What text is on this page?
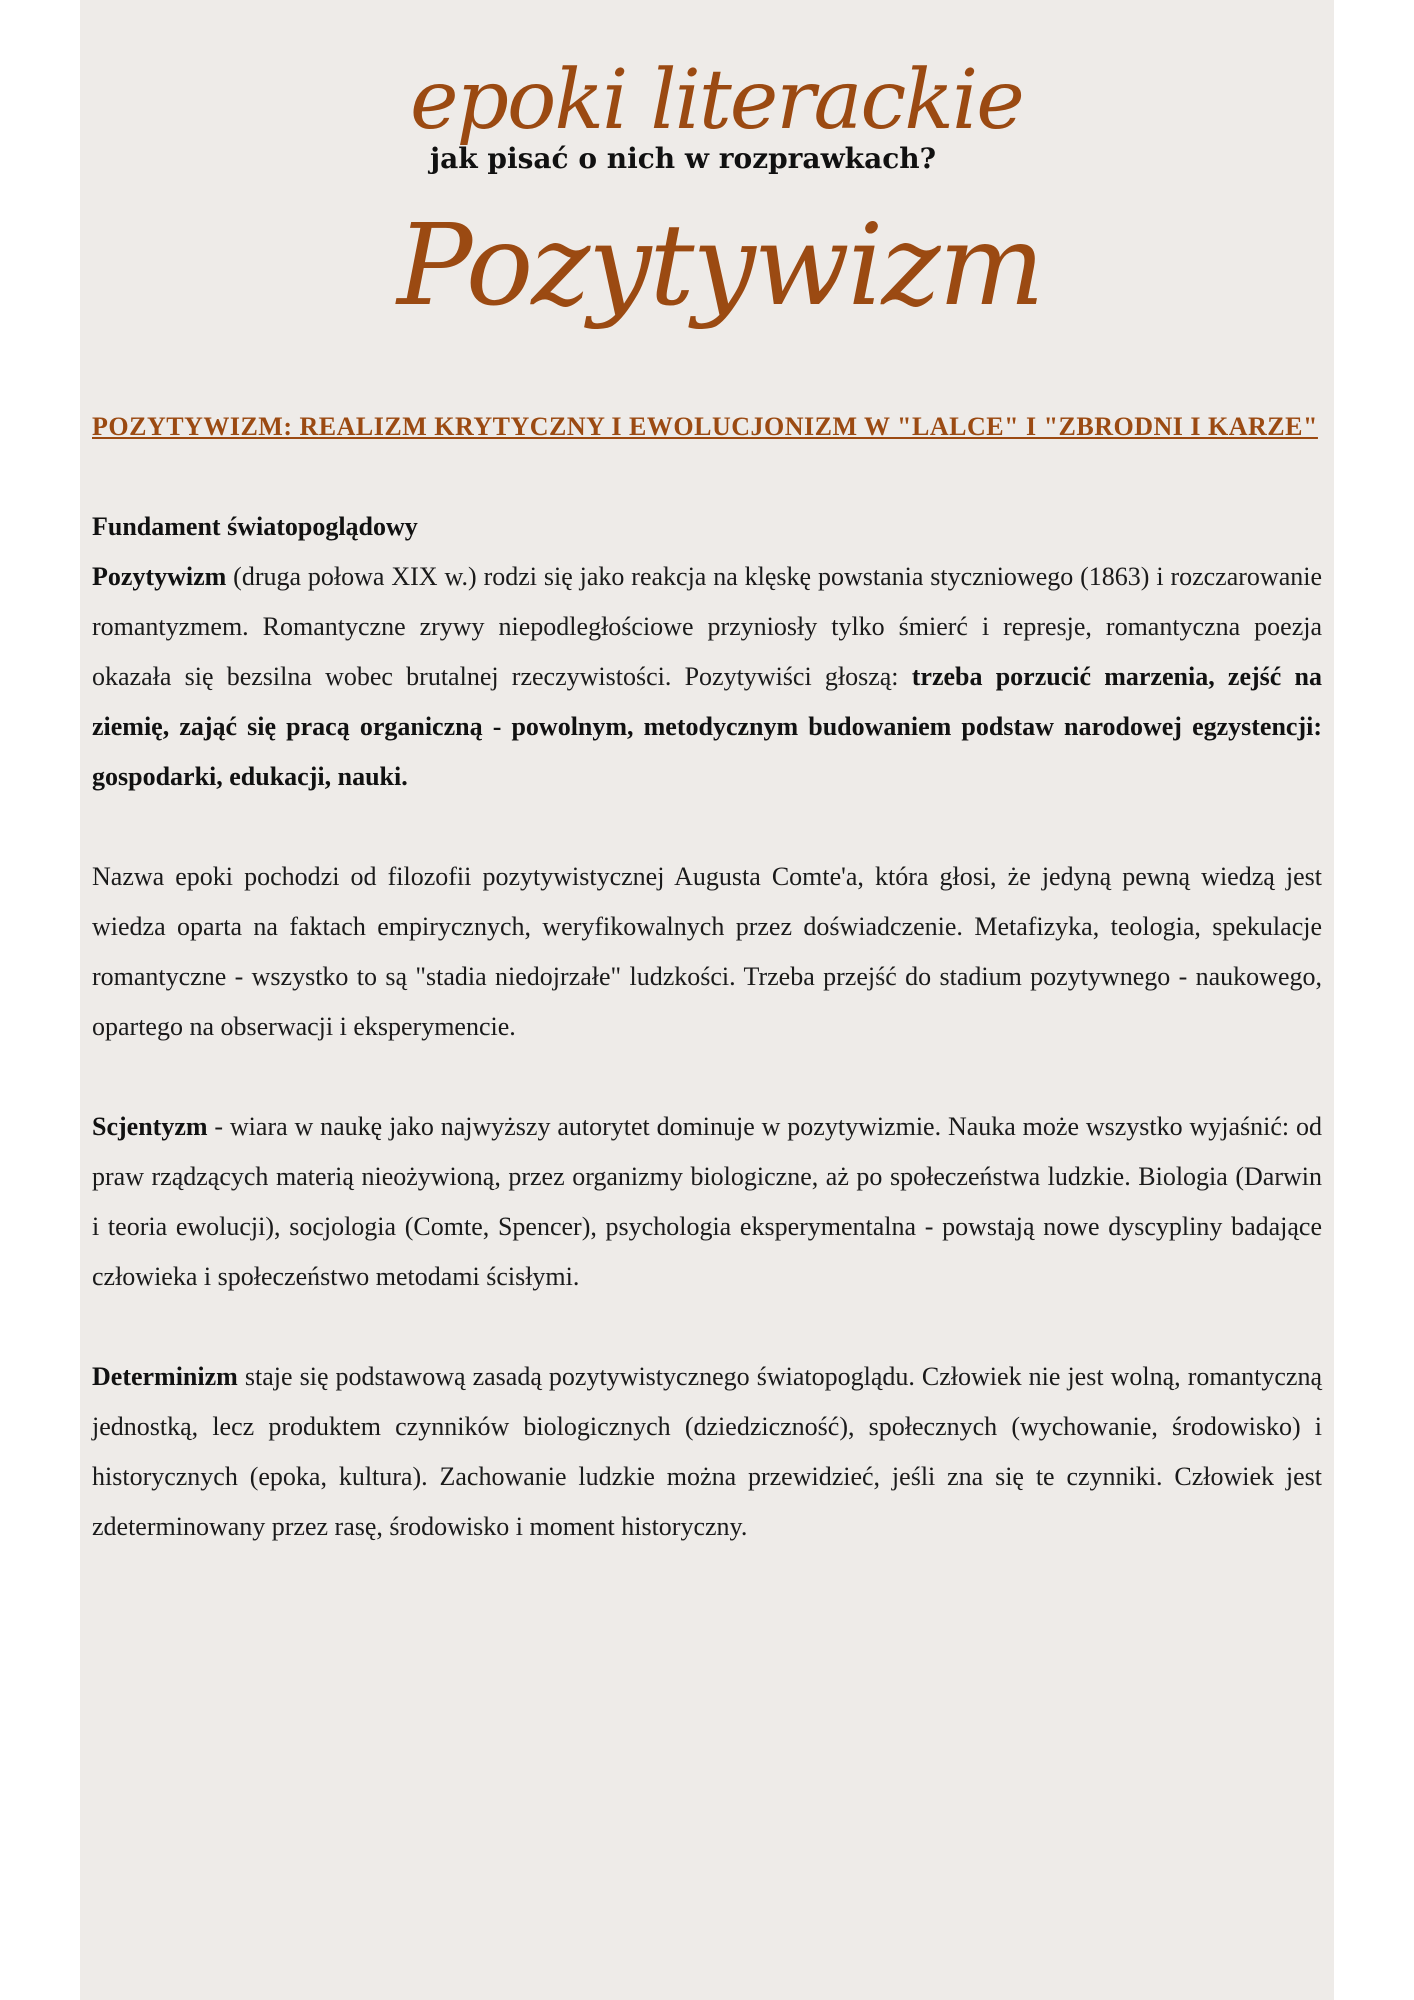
epoki literackie
jak pisać o nich w rozprawkach?
Pozytywizm
POZYTYWIZM: REALIZM KRYTYCZNY I EWOLUCJONIZM W "LALCE" I "ZBRODNI I KARZE"
Fundament światopoglądowy

Pozytywizm (druga połowa XIX w.) rodzi się jako reakcja na klęskę powstania styczniowego (1863) i rozczarowanie romantyzmem. Romantyczne zrywy niepodległościowe przyniosły tylko śmierć i represje, romantyczna poezja okazała się bezsilna wobec brutalnej rzeczywistości. Pozytywiści głoszą: trzeba porzucić marzenia, zejść na ziemię, zająć się pracą organiczną - powolnym, metodycznym budowaniem podstaw narodowej egzystencji: gospodarki, edukacji, nauki.

Nazwa epoki pochodzi od filozofii pozytywistycznej Augusta Comte'a, która głosi, że jedyną pewną wiedzą jest wiedza oparta na faktach empirycznych, weryfikowalnych przez doświadczenie. Metafizyka, teologia, spekulacje romantyczne - wszystko to są "stadia niedojrzałe" ludzkości. Trzeba przejść do stadium pozytywnego - naukowego, opartego na obserwacji i eksperymencie.

Scjentyzm - wiara w naukę jako najwyższy autorytet dominuje w pozytywizmie. Nauka może wszystko wyjaśnić: od praw rządzących materią nieożywioną, przez organizmy biologiczne, aż po społeczeństwa ludzkie. Biologia (Darwin i teoria ewolucji), socjologia (Comte, Spencer), psychologia eksperymentalna - powstają nowe dyscypliny badające człowieka i społeczeństwo metodami ścisłymi.

Determinizm staje się podstawową zasadą pozytywistycznego światopoglądu. Człowiek nie jest wolną, romantyczną jednostką, lecz produktem czynników biologicznych (dziedziczność), społecznych (wychowanie, środowisko) i historycznych (epoka, kultura). Zachowanie ludzkie można przewidzieć, jeśli zna się te czynniki. Człowiek jest zdeterminowany przez rasę, środowisko i moment historyczny.
